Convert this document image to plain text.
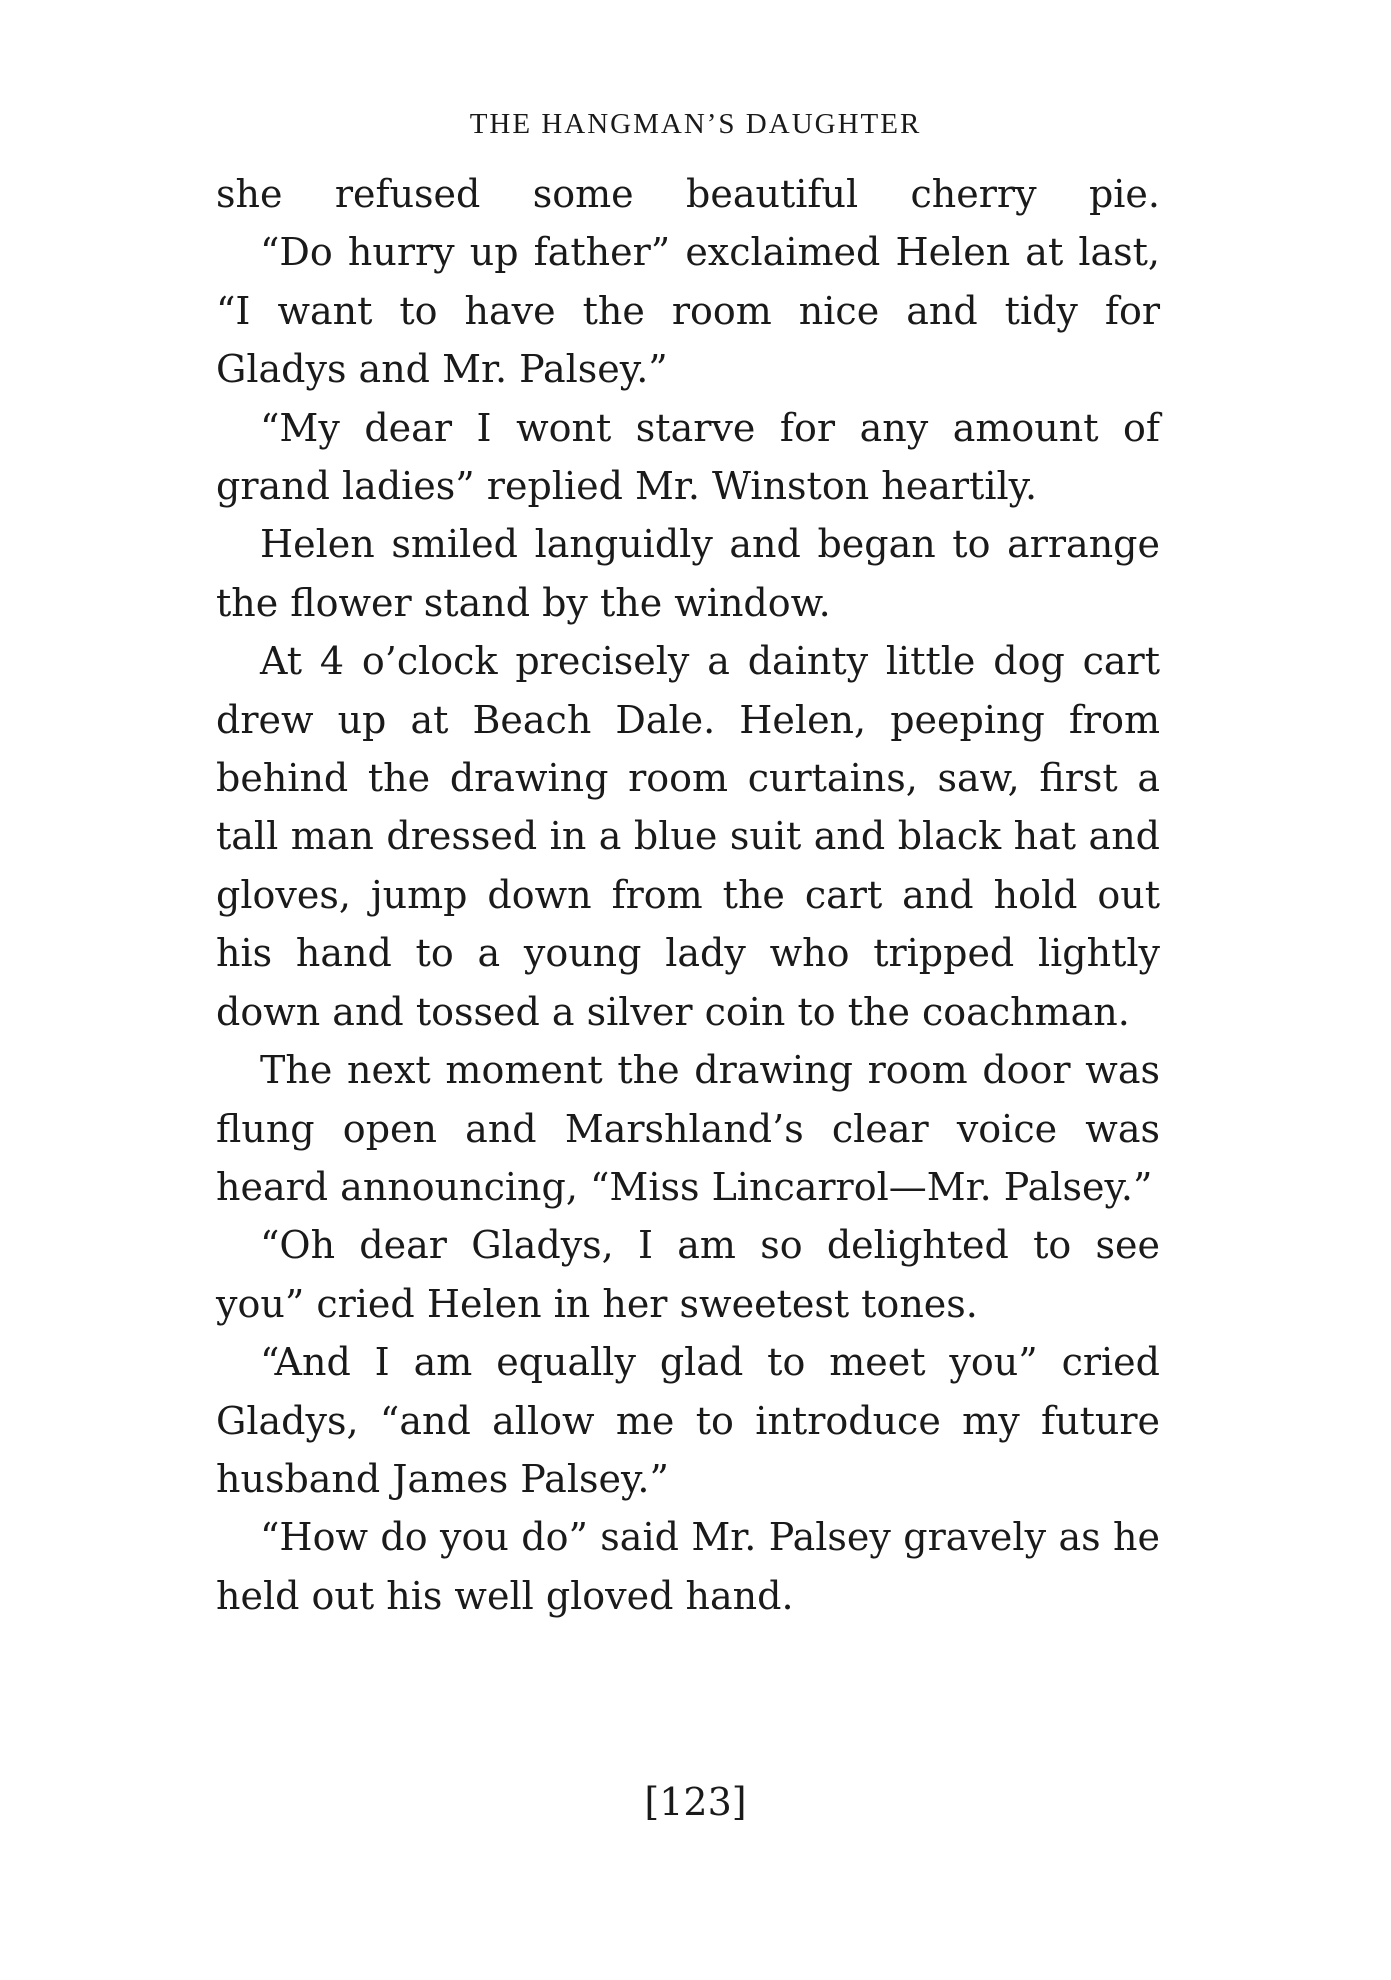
THE HANGMAN’S DAUGHTER

she refused some beautiful cherry pie.

“Do hurry up father” exclaimed Helen at last, “I want to have the room nice and tidy for Gladys and Mr. Palsey.”

“My dear I wont starve for any amount of grand ladies” replied Mr. Winston heartily.

Helen smiled languidly and began to arrange the flower stand by the window.

At 4 o’clock precisely a dainty little dog cart drew up at Beach Dale. Helen, peeping from behind the drawing room curtains, saw, first a tall man dressed in a blue suit and black hat and gloves, jump down from the cart and hold out his hand to a young lady who tripped lightly down and tossed a silver coin to the coachman.

The next moment the drawing room door was flung open and Marshland’s clear voice was heard announcing, “Miss Lincarrol—Mr. Palsey.”

“Oh dear Gladys, I am so delighted to see you” cried Helen in her sweetest tones.

“And I am equally glad to meet you” cried Gladys, “and allow me to introduce my future husband James Palsey.”

“How do you do” said Mr. Palsey gravely as he held out his well gloved hand.

[123]
